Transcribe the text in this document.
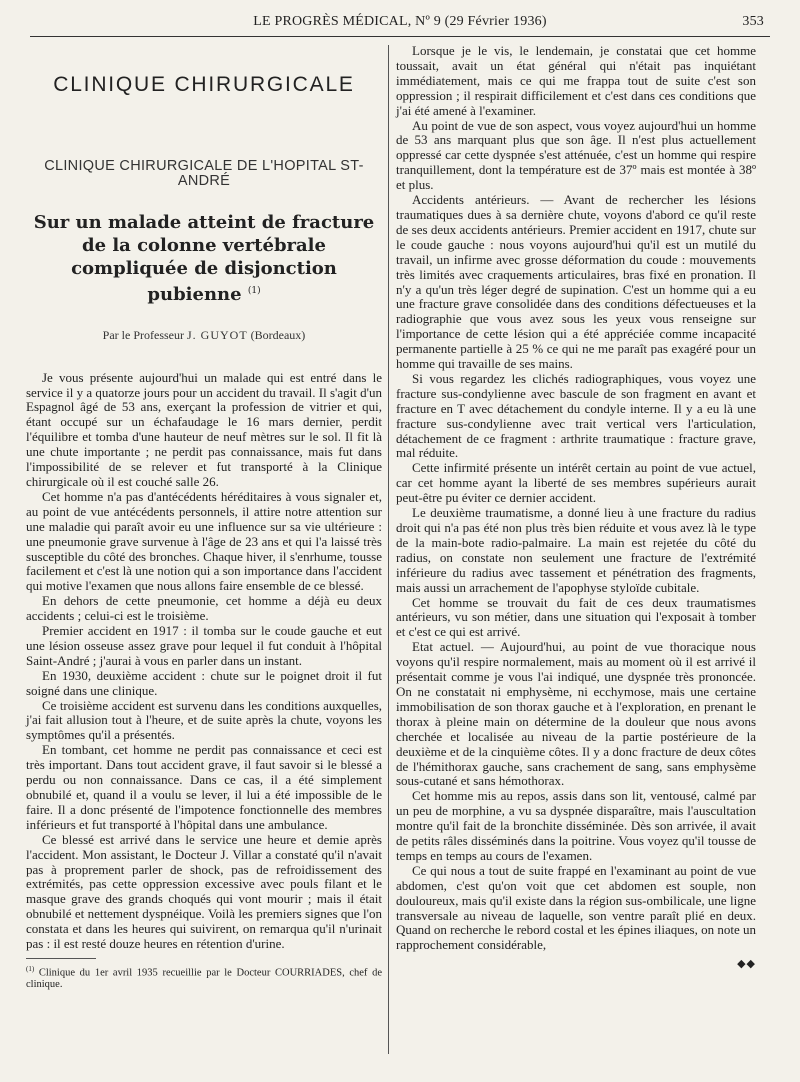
LE PROGRÈS MÉDICAL, Nº 9 (29 Février 1936)	353
CLINIQUE CHIRURGICALE
CLINIQUE CHIRURGICALE DE L'HOPITAL ST-ANDRÉ
Sur un malade atteint de fracture
de la colonne vertébrale
compliquée de disjonction pubienne $^{(1)}$
Par le Professeur J. GUYOT (Bordeaux)

Je vous présente aujourd'hui un malade qui est entré dans le service il y a quatorze jours pour un accident du travail. Il s'agit d'un Espagnol âgé de 53 ans, exerçant la profession de vitrier et qui, étant occupé sur un échafaudage le 16 mars dernier, perdit l'équilibre et tomba d'une hauteur de neuf mètres sur le sol. Il fit là une chute importante ; ne perdit pas connaissance, mais fut dans l'impossibilité de se relever et fut transporté à la Clinique chirurgicale où il est couché salle 26.

Cet homme n'a pas d'antécédents héréditaires à vous signaler et, au point de vue antécédents personnels, il attire notre attention sur une maladie qui paraît avoir eu une influence sur sa vie ultérieure : une pneumonie grave survenue à l'âge de 23 ans et qui l'a laissé très susceptible du côté des bronches. Chaque hiver, il s'enrhume, tousse facilement et c'est là une notion qui a son importance dans l'accident qui motive l'examen que nous allons faire ensemble de ce blessé.

En dehors de cette pneumonie, cet homme a déjà eu deux accidents ; celui-ci est le troisième.

Premier accident en 1917 : il tomba sur le coude gauche et eut une lésion osseuse assez grave pour lequel il fut conduit à l'hôpital Saint-André ; j'aurai à vous en parler dans un instant.

En 1930, deuxième accident : chute sur le poignet droit il fut soigné dans une clinique.

Ce troisième accident est survenu dans les conditions auxquelles, j'ai fait allusion tout à l'heure, et de suite après la chute, voyons les symptômes qu'il a présentés.

En tombant, cet homme ne perdit pas connaissance et ceci est très important. Dans tout accident grave, il faut savoir si le blessé a perdu ou non connaissance. Dans ce cas, il a été simplement obnubilé et, quand il a voulu se lever, il lui a été impossible de le faire. Il a donc présenté de l'impotence fonctionnelle des membres inférieurs et fut transporté à l'hôpital dans une ambulance.

Ce blessé est arrivé dans le service une heure et demie après l'accident. Mon assistant, le Docteur J. Villar a constaté qu'il n'avait pas à proprement parler de shock, pas de refroidissement des extrémités, pas cette oppression excessive avec pouls filant et le masque grave des grands choqués qui vont mourir ; mais il était obnubilé et nettement dyspnéique. Voilà les premiers signes que l'on constata et dans les heures qui suivirent, on remarqua qu'il n'urinait pas : il est resté douze heures en rétention d'urine.

$^{(1)}$ Clinique du 1er avril 1935 recueillie par le Docteur COURRIADES, chef de clinique.

Lorsque je le vis, le lendemain, je constatai que cet homme toussait, avait un état général qui n'était pas inquiétant immédiatement, mais ce qui me frappa tout de suite c'est son oppression ; il respirait difficilement et c'est dans ces conditions que j'ai été amené à l'examiner.

Au point de vue de son aspect, vous voyez aujourd'hui un homme de 53 ans marquant plus que son âge. Il n'est plus actuellement oppressé car cette dyspnée s'est atténuée, c'est un homme qui respire tranquillement, dont la température est de 37º mais est montée à 38º et plus.

Accidents antérieurs. — Avant de rechercher les lésions traumatiques dues à sa dernière chute, voyons d'abord ce qu'il reste de ses deux accidents antérieurs. Premier accident en 1917, chute sur le coude gauche : nous voyons aujourd'hui qu'il est un mutilé du travail, un infirme avec grosse déformation du coude : mouvements très limités avec craquements articulaires, bras fixé en pronation. Il n'y a qu'un très léger degré de supination. C'est un homme qui a eu une fracture grave consolidée dans des conditions défectueuses et la radiographie que vous avez sous les yeux vous renseigne sur l'importance de cette lésion qui a été appréciée comme incapacité permanente partielle à 25 % ce qui ne me paraît pas exagéré pour un homme qui travaille de ses mains.

Si vous regardez les clichés radiographiques, vous voyez une fracture sus-condylienne avec bascule de son fragment en avant et fracture en T avec détachement du condyle interne. Il y a eu là une fracture sus-condylienne avec trait vertical vers l'articulation, détachement de ce fragment : arthrite traumatique : fracture grave, mal réduite.

Cette infirmité présente un intérêt certain au point de vue actuel, car cet homme ayant la liberté de ses membres supérieurs aurait peut-être pu éviter ce dernier accident.

Le deuxième traumatisme, a donné lieu à une fracture du radius droit qui n'a pas été non plus très bien réduite et vous avez là le type de la main-bote radio-palmaire. La main est rejetée du côté du radius, on constate non seulement une fracture de l'extrémité inférieure du radius avec tassement et pénétration des fragments, mais aussi un arrachement de l'apophyse styloïde cubitale.

Cet homme se trouvait du fait de ces deux traumatismes antérieurs, vu son métier, dans une situation qui l'exposait à tomber et c'est ce qui est arrivé.

Etat actuel. — Aujourd'hui, au point de vue thoracique nous voyons qu'il respire normalement, mais au moment où il est arrivé il présentait comme je vous l'ai indiqué, une dyspnée très prononcée. On ne constatait ni emphysème, ni ecchymose, mais une certaine immobilisation de son thorax gauche et à l'exploration, en prenant le thorax à pleine main on détermine de la douleur que nous avons cherchée et localisée au niveau de la partie postérieure de la deuxième et de la cinquième côtes. Il y a donc fracture de deux côtes de l'hémithorax gauche, sans crachement de sang, sans emphysème sous-cutané et sans hémothorax.

Cet homme mis au repos, assis dans son lit, ventousé, calmé par un peu de morphine, a vu sa dyspnée disparaître, mais l'auscultation montre qu'il fait de la bronchite disséminée. Dès son arrivée, il avait de petits râles disséminés dans la poitrine. Vous voyez qu'il tousse de temps en temps au cours de l'examen.

Ce qui nous a tout de suite frappé en l'examinant au point de vue abdomen, c'est qu'on voit que cet abdomen est souple, non douloureux, mais qu'il existe dans la région sus-ombilicale, une ligne transversale au niveau de laquelle, son ventre paraît plié en deux. Quand on recherche le rebord costal et les épines iliaques, on note un rapprochement considérable,

◆◆
